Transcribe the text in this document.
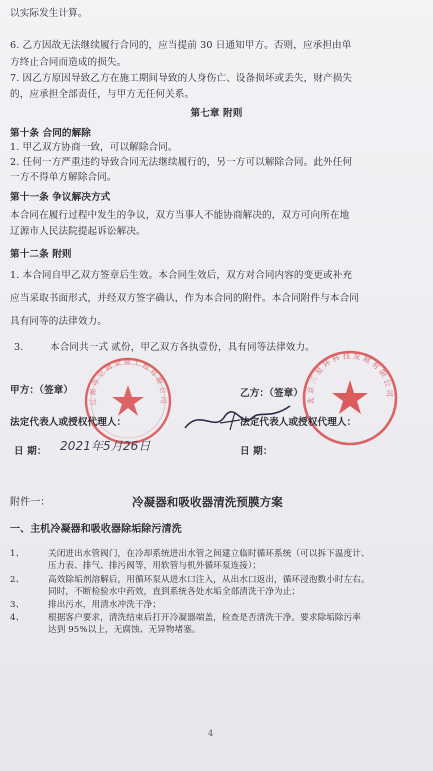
以实际发生计算。
6. 乙方因故无法继续履行合同的，应当提前 30 日通知甲方。否则，应承担由单
方终止合同而造成的损失。
7. 因乙方原因导致乙方在施工期间导致的人身伤亡、设备损坏或丢失，财产损失
的，应承担全部责任，与甲方无任何关系。
第七章 附则
第十条 合同的解除
1. 甲乙双方协商一致，可以解除合同。
2. 任何一方严重违约导致合同无法继续履行的，另一方可以解除合同。此外任何
一方不得单方解除合同。
第十一条 争议解决方式
本合同在履行过程中发生的争议，双方当事人不能协商解决的，双方可向所在地
辽源市人民法院提起诉讼解决。
第十二条 附则
1. 本合同自甲乙双方签章后生效。本合同生效后，双方对合同内容的变更或补充
应当采取书面形式，并经双方签字确认，作为本合同的附件。本合同附件与本合同
具有同等的法律效力。
3.	本合同共一式 贰份，甲乙双方各执壹份，具有同等法律效力。
辽 源 市 空 调 安 装 工 程 有 限 公 司	北 京 三 星 环 科 技 发 展 有 限 公 司
甲方：（签章）	乙方：（签章）
法定代表人或授权代理人：	法定代表人或授权代理人：
日 期： 2021年5月26日	日 期：
附件一：	冷凝器和吸收器清洗预膜方案
一、主机冷凝器和吸收器除垢除污清洗
1、	关闭进出水管阀门，在冷却系统进出水管之间建立临时循环系统（可以拆下温度计、
压力表、排气、排污阀等，用软管与机外循环泵连接）；
2、	高效除垢剂溶解后，用循环泵从进水口注入，从出水口返出，循环浸泡数小时左右。
同时，不断检验水中药效，直到系统各处水垢全部清洗干净为止；
3、	排出污水，用清水冲洗干净；
4、	根据客户要求，清洗结束后打开冷凝器端盖，检查是否清洗干净。要求除垢除污率
达到 95%以上，无腐蚀、无异物堵塞。
4
